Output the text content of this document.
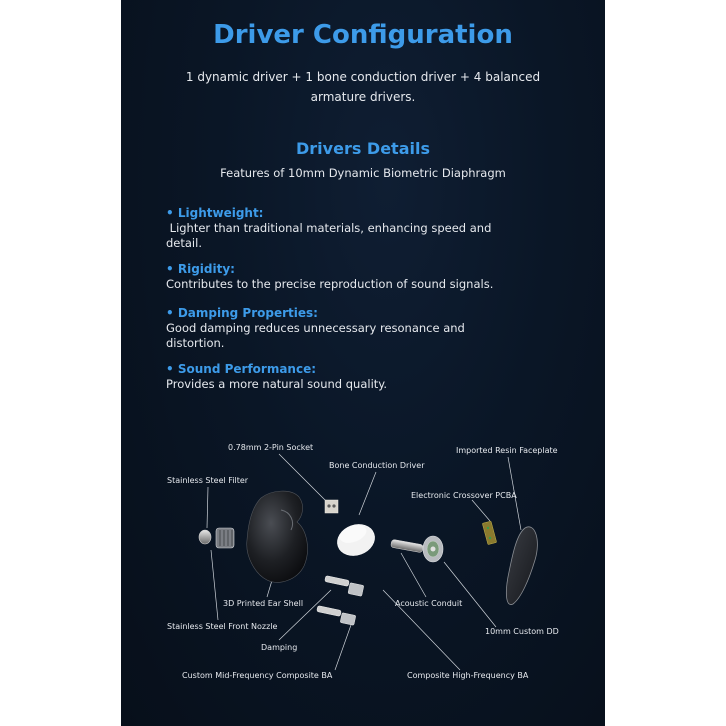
Driver Configuration
1 dynamic driver + 1 bone conduction driver + 4 balanced armature drivers.
Drivers Details
Features of 10mm Dynamic Biometric Diaphragm
• Lightweight:
Lighter than traditional materials, enhancing speed and detail.
• Rigidity:
Contributes to the precise reproduction of sound signals.
• Damping Properties:
Good damping reduces unnecessary resonance and distortion.
• Sound Performance:
Provides a more natural sound quality.
0.78mm 2-Pin Socket
Bone Conduction Driver
Imported Resin Faceplate
Stainless Steel Filter
Electronic Crossover PCBA
3D Printed Ear Shell	Acoustic Conduit
Stainless Steel Front Nozzle
10mm Custom DD
Damping
Custom Mid-Frequency Composite BA	Composite High-Frequency BA
